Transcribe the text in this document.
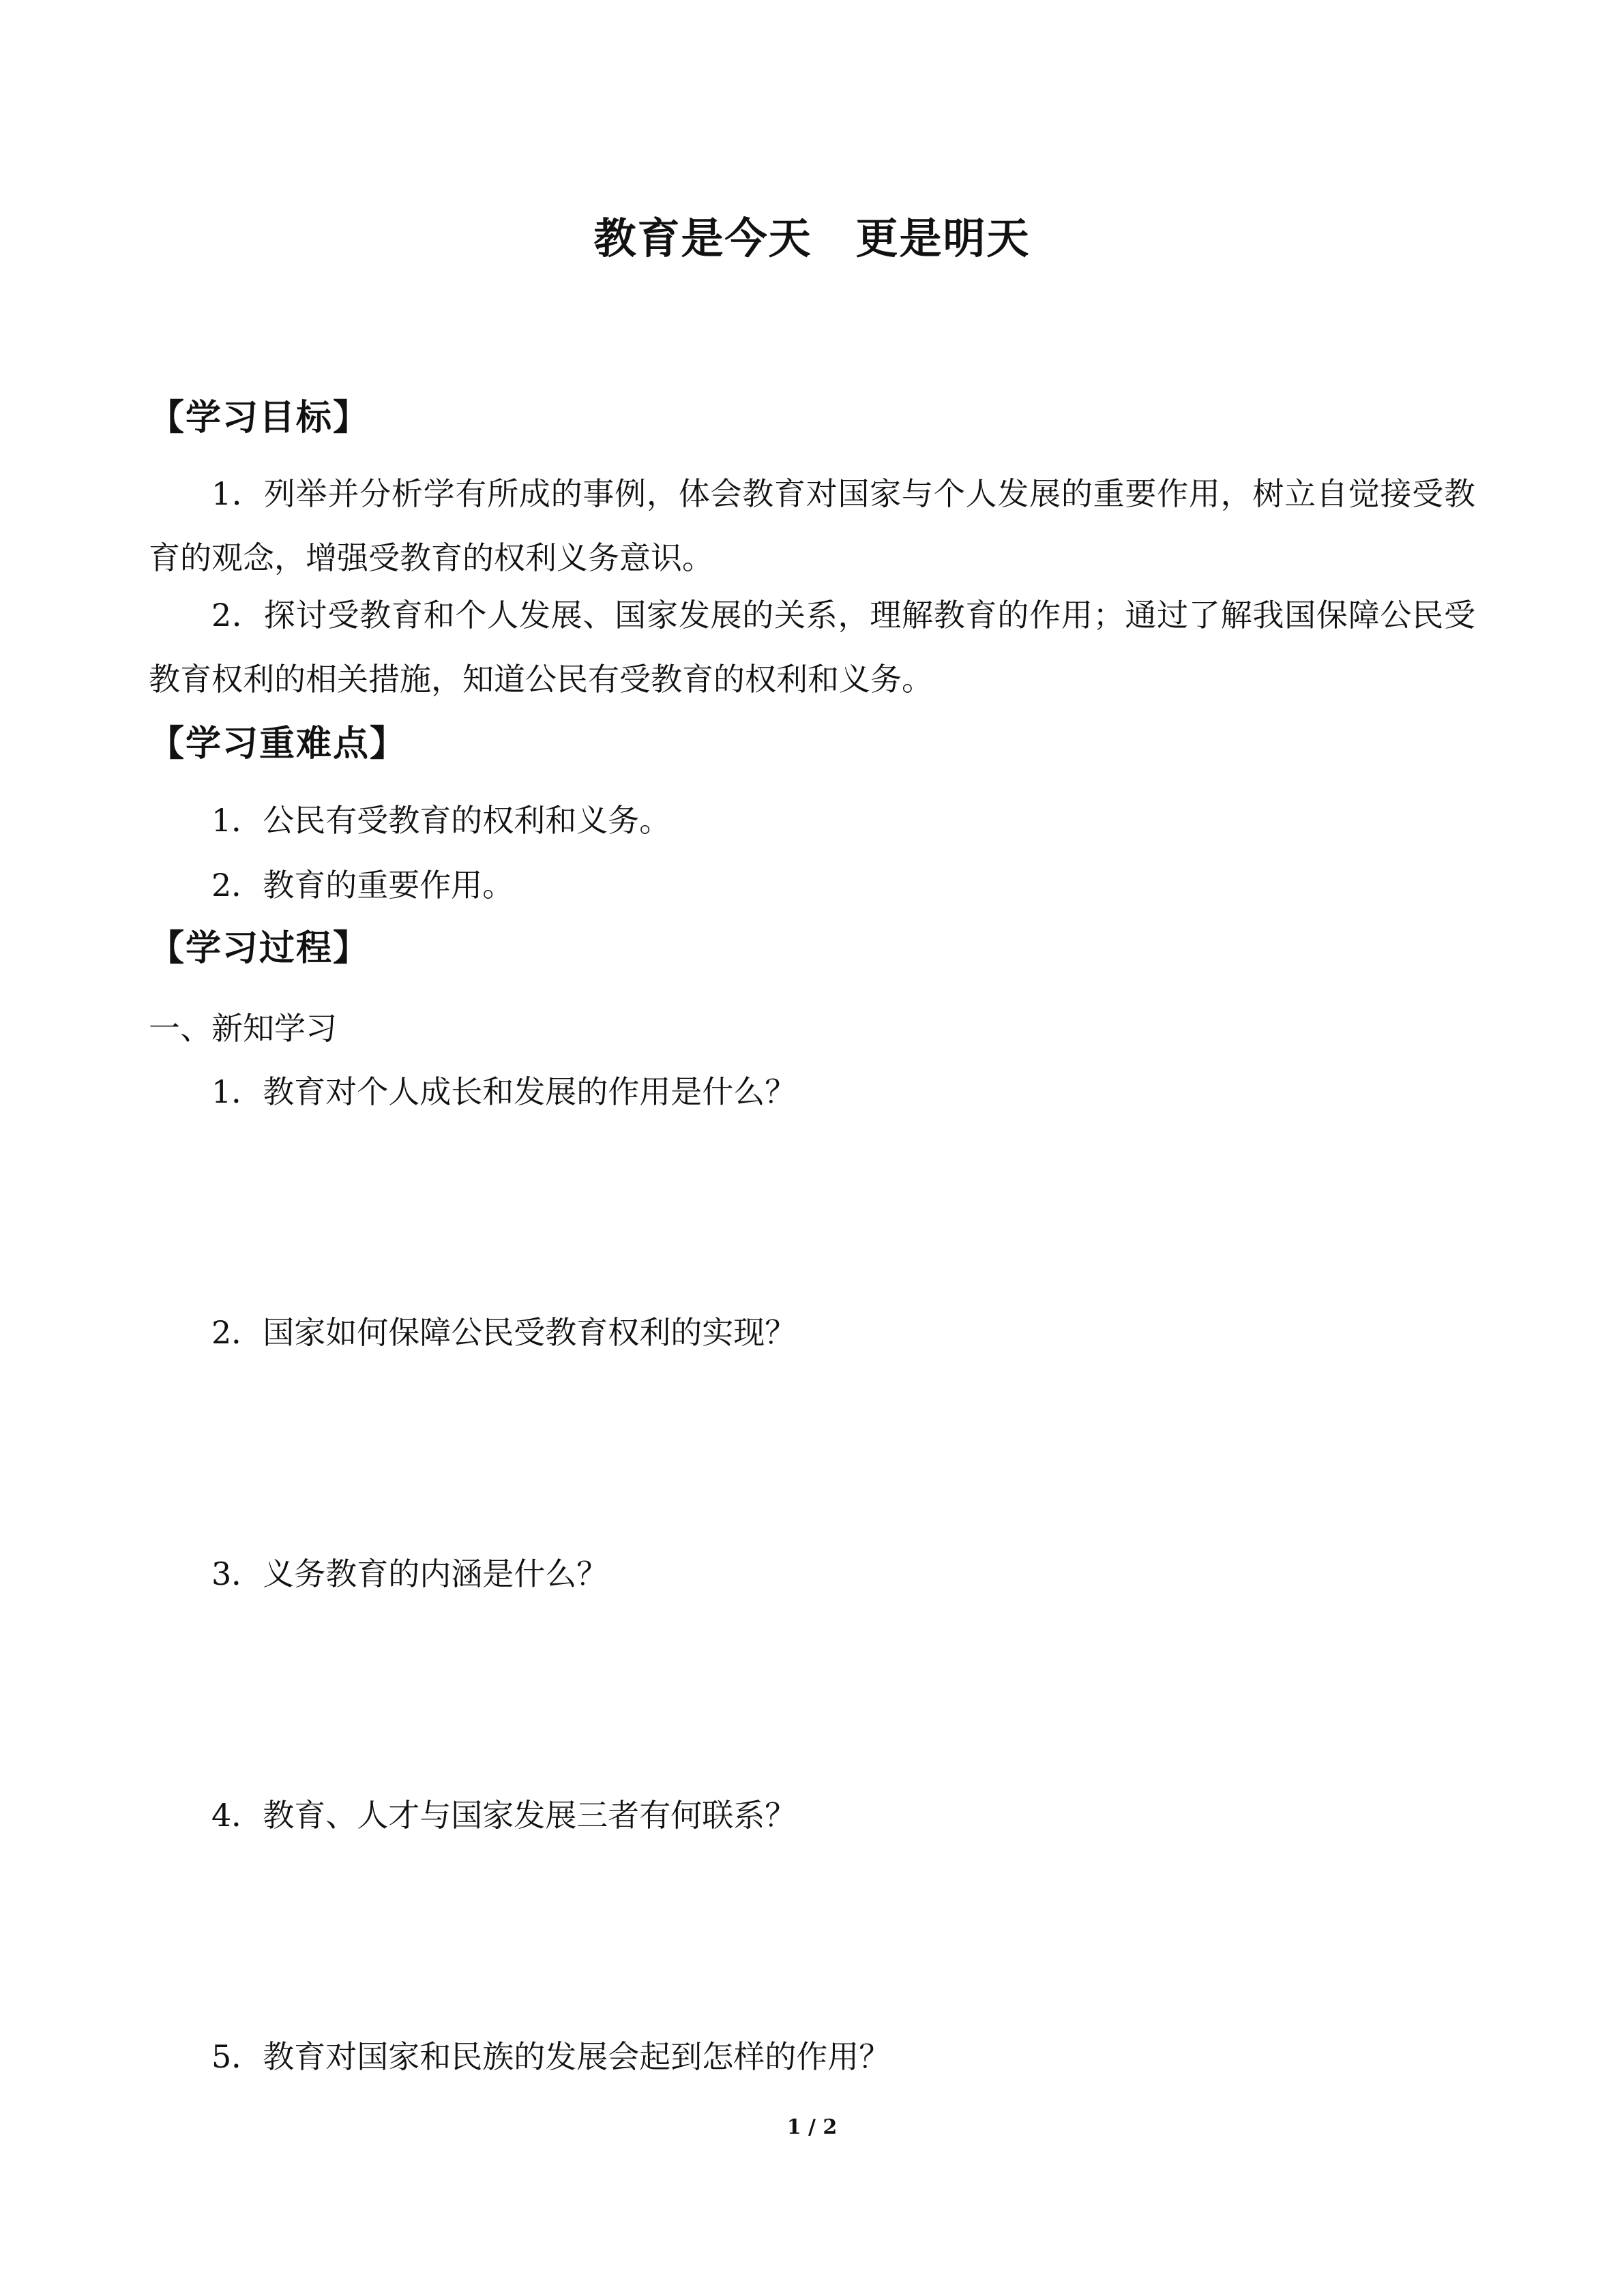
教育是今天　更是明天
【学习目标】
1．列举并分析学有所成的事例，体会教育对国家与个人发展的重要作用，树立自觉接受教育的观念，增强受教育的权利义务意识。
2．探讨受教育和个人发展、国家发展的关系，理解教育的作用；通过了解我国保障公民受教育权利的相关措施，知道公民有受教育的权利和义务。
【学习重难点】
1．公民有受教育的权利和义务。
2．教育的重要作用。
【学习过程】
一、新知学习
1．教育对个人成长和发展的作用是什么？
2．国家如何保障公民受教育权利的实现？
3．义务教育的内涵是什么？
4．教育、人才与国家发展三者有何联系？
5．教育对国家和民族的发展会起到怎样的作用？
1 / 2
